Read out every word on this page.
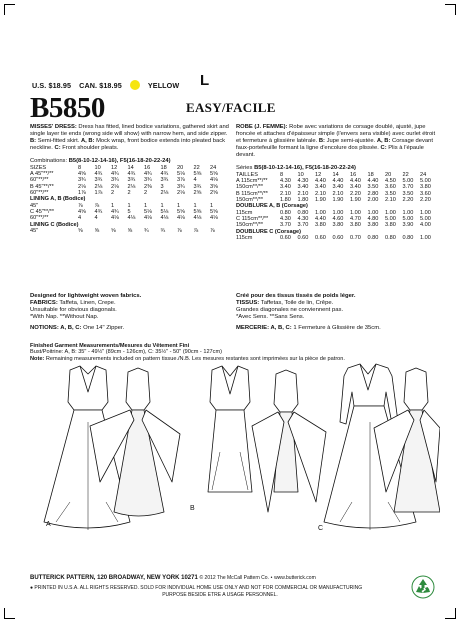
U.S. $18.95 CAN. $18.95	YELLOW	L
B5850	EASY/FACILE

MISSES' DRESS: Dress has fitted, lined bodice variations, gathered skirt and single layer tie ends (wrong side will show) with narrow hem, and side zipper. B: Semi-fitted skirt. A, B: Mock wrap, front bodice extends into pleated back neckline. C: Front shoulder pleats.

Combinations: B5(8-10-12-14-16), F5(16-18-20-22-24)

SIZES	8	10	12	14	16	18	20	22	24
A 45"**/**	4⅝	4¾	4¾	4¾	4¾	4¾	5⅛	5⅝	5⅝
60"**/**	3¾	3¾	3¾	3¾	3¾	3¾	3⅞	4	4⅛
B 45"**/**	2⅛	2⅛	2⅛	2⅛	2⅜	3	3¾	3¾	3⅝
60"**/**	1⅞	1⅞	2	2	2	2⅛	2⅛	2⅝	2⅝
LINING A, B (Bodice)									
45"	⅞	⅞	1	1	1	1	1	1	1
C 45"**/**	4⅝	4¾	4¾	5	5⅛	5⅛	5⅝	5⅝	5⅝
60"**/**	4	4	4⅛	4⅛	4⅛	4⅛	4⅛	4⅛	4⅛
LINING C (Bodice)									
45"	⅝	⅝	⅝	⅝	¾	¾	⅞	⅞	⅞

ROBE (J. FEMME): Robe avec variations de corsage doublé, ajusté, jupe froncée et attaches d'épaisseur simple (l'envers sera visible) avec ourlet étroit et fermeture à glissière latérale. B: Jupe semi-ajustée. A, B: Corsage devant faux-portefeuille formant la ligne d'encolure dos plissée. C: Plis à l'épaule devant.

Séries B5(8-10-12-14-16), F5(16-18-20-22-24)

TAILLES	8	10	12	14	16	18	20	22	24
A 115cm**/**	4.30	4.30	4.40	4.40	4.40	4.40	4.50	5.00	5.00
150cm**/**	3.40	3.40	3.40	3.40	3.40	3.50	3.60	3.70	3.80
B 115cm**/**	2.10	2.10	2.10	2.10	2.20	2.80	3.50	3.50	3.60
150cm**/**	1.80	1.80	1.90	1.90	1.90	2.00	2.10	2.20	2.20
DOUBLURE A, B (Corsage)									
115cm	0.80	0.80	1.00	1.00	1.00	1.00	1.00	1.00	1.00
C 115cm**/**	4.30	4.30	4.40	4.60	4.70	4.80	5.00	5.00	5.00
150cm**/**	3.70	3.70	3.80	3.80	3.80	3.80	3.80	3.90	4.00
DOUBLURE C (Corsage)									
115cm	0.60	0.60	0.60	0.60	0.70	0.80	0.80	0.80	1.00

Designed for lightweight woven fabrics.

FABRICS: Taffeta, Linen, Crepe.

Unsuitable for obvious diagonals.

*With Nap. **Without Nap.

NOTIONS: A, B, C: One 14" Zipper.

Créé pour des tissus tissés de poids léger.

TISSUS: Taffetas, Toile de lin, Crêpe.

Grandes diagonales ne conviennent pas.

*Avec Sens. **Sans Sens.

MERCERIE: A, B, C: 1 Fermeture à Glissière de 35cm.

Finished Garment Measurements/Mesures du Vêtement Fini

Bust/Poitrine: A, B: 35" - 49½" (89cm - 126cm), C: 35½" - 50" (90cm - 127cm)

Note: Remaining measurements included on pattern tissue./N.B. Les mesures restantes sont imprimées sur la pièce de patron.

A
B
C
BUTTERICK PATTERN, 120 BROADWAY, NEW YORK 10271 © 2012 The McCall Pattern Co. • www.butterick.com
● PRINTED IN U.S.A. ALL RIGHTS RESERVED. SOLD FOR INDIVIDUAL HOME USE ONLY AND NOT FOR COMMERCIAL OR MANUFACTURING
PURPOSE BESIDE ETRE A USAGE PERSONNEL.
